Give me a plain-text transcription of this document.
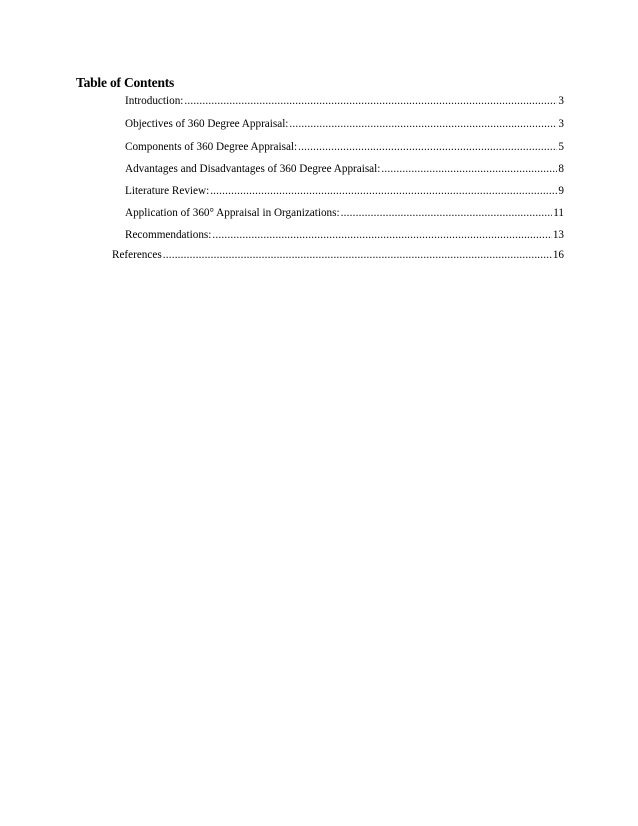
Table of Contents
Introduction: .....	3
Objectives of 360 Degree Appraisal: .....	3
Components of 360 Degree Appraisal: .....	5
Advantages and Disadvantages of 360 Degree Appraisal: .....	8
Literature Review: .....	9
Application of 360° Appraisal in Organizations: .....	11
Recommendations: .....	13
References .....	16
